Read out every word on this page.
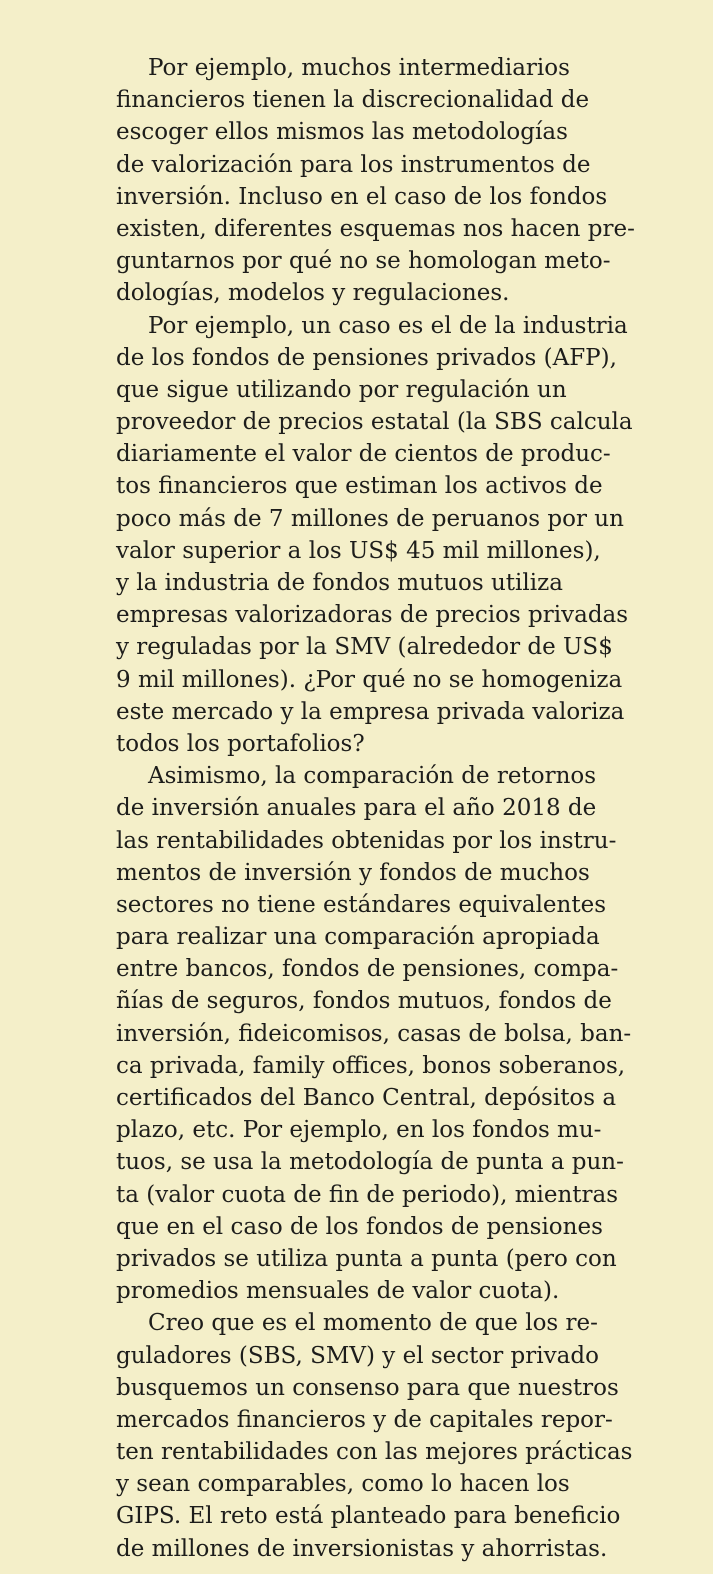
Por ejemplo, muchos intermediarios
financieros tienen la discrecionalidad de
escoger ellos mismos las metodologías
de valorización para los instrumentos de
inversión. Incluso en el caso de los fondos
existen, diferentes esquemas nos hacen pre-
guntarnos por qué no se homologan meto-
dologías, modelos y regulaciones.
Por ejemplo, un caso es el de la industria
de los fondos de pensiones privados (AFP),
que sigue utilizando por regulación un
proveedor de precios estatal (la SBS calcula
diariamente el valor de cientos de produc-
tos financieros que estiman los activos de
poco más de 7 millones de peruanos por un
valor superior a los US$ 45 mil millones),
y la industria de fondos mutuos utiliza
empresas valorizadoras de precios privadas
y reguladas por la SMV (alrededor de US$
9 mil millones). ¿Por qué no se homogeniza
este mercado y la empresa privada valoriza
todos los portafolios?
Asimismo, la comparación de retornos
de inversión anuales para el año 2018 de
las rentabilidades obtenidas por los instru-
mentos de inversión y fondos de muchos
sectores no tiene estándares equivalentes
para realizar una comparación apropiada
entre bancos, fondos de pensiones, compa-
ñías de seguros, fondos mutuos, fondos de
inversión, fideicomisos, casas de bolsa, ban-
ca privada, family offices, bonos soberanos,
certificados del Banco Central, depósitos a
plazo, etc. Por ejemplo, en los fondos mu-
tuos, se usa la metodología de punta a pun-
ta (valor cuota de fin de periodo), mientras
que en el caso de los fondos de pensiones
privados se utiliza punta a punta (pero con
promedios mensuales de valor cuota).
Creo que es el momento de que los re-
guladores (SBS, SMV) y el sector privado
busquemos un consenso para que nuestros
mercados financieros y de capitales repor-
ten rentabilidades con las mejores prácticas
y sean comparables, como lo hacen los
GIPS. El reto está planteado para beneficio
de millones de inversionistas y ahorristas.
